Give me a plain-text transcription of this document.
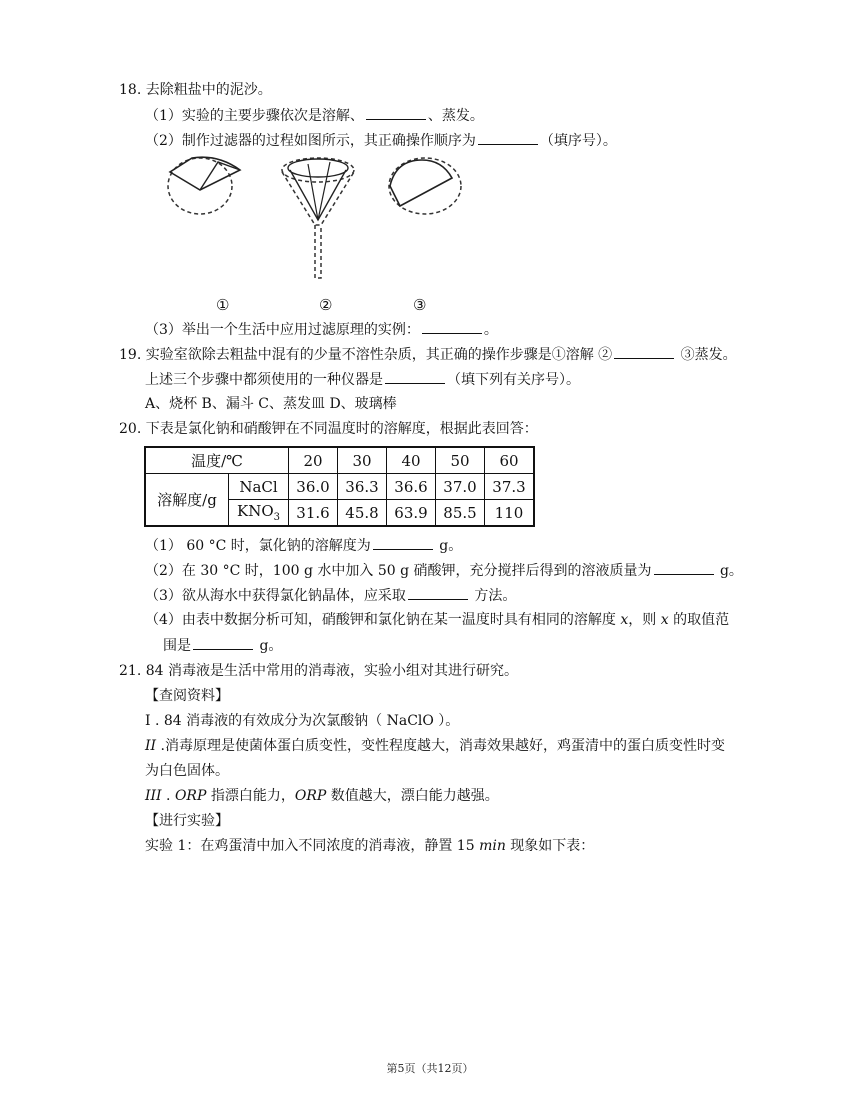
18. 去除粗盐中的泥沙。
（1）实验的主要步骤依次是溶解、	、蒸发。
（2）制作过滤器的过程如图所示，其正确操作顺序为	（填序号）。
①	②	③
（3）举出一个生活中应用过滤原理的实例：	。
19. 实验室欲除去粗盐中混有的少量不溶性杂质，其正确的操作步骤是①溶解 ②	③蒸发。
上述三个步骤中都须使用的一种仪器是	（填下列有关序号）。
A、烧杯 B、漏斗 C、蒸发皿 D、玻璃棒
20. 下表是氯化钠和硝酸钾在不同温度时的溶解度，根据此表回答：
温度/℃		20	30	40	50	60
溶解度/g	NaCl	36.0	36.3	36.6	37.0	37.3
	$KNO_3$	31.6	45.8	63.9	85.5	110
（1） 60 °C 时，氯化钠的溶解度为	g。
（2）在 30 °C 时，100 g 水中加入 50 g 硝酸钾，充分搅拌后得到的溶液质量为	g。
（3）欲从海水中获得氯化钠晶体，应采取	方法。
（4）由表中数据分析可知，硝酸钾和氯化钠在某一温度时具有相同的溶解度 x，则 x 的取值范
围是	g。
21. 84 消毒液是生活中常用的消毒液，实验小组对其进行研究。
【查阅资料】
I . 84 消毒液的有效成分为次氯酸钠（ NaClO ）。
II .消毒原理是使菌体蛋白质变性，变性程度越大，消毒效果越好，鸡蛋清中的蛋白质变性时变
为白色固体。
III . ORP 指漂白能力，ORP 数值越大，漂白能力越强。
【进行实验】
实验 1：在鸡蛋清中加入不同浓度的消毒液，静置 15 min 现象如下表：
第5页（共12页）
